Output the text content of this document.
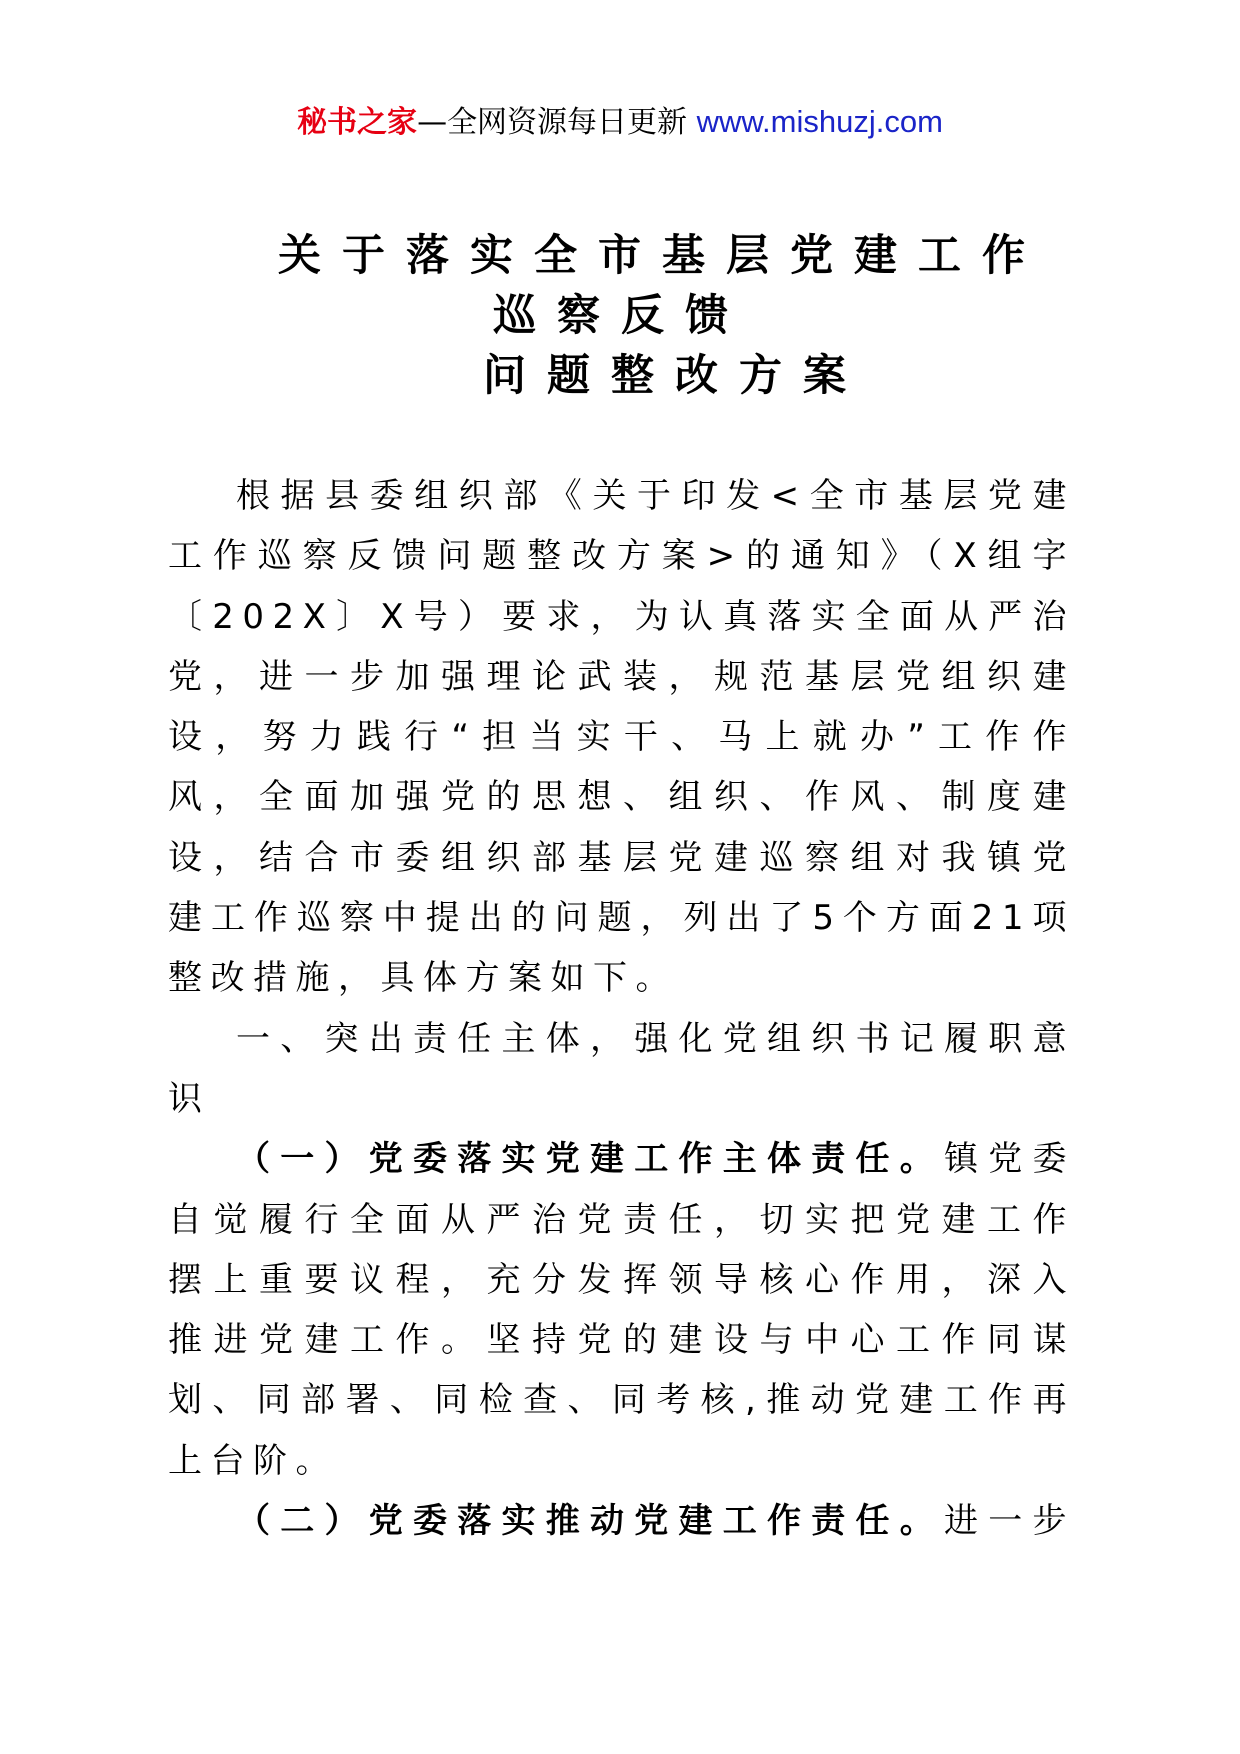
秘书之家—全网资源每日更新 www.mishuzj.com
关于落实全市基层党建工作
巡察反馈
问题整改方案
根据县委组织部《关于印发<全市基层党建
工作巡察反馈问题整改方案>的通知》（X组字
〔202X〕X号）要求，为认真落实全面从严治
党，进一步加强理论武装，规范基层党组织建
设，努力践行“担当实干、马上就办”工作作
风，全面加强党的思想、组织、作风、制度建
设，结合市委组织部基层党建巡察组对我镇党
建工作巡察中提出的问题，列出了5个方面21项
整改措施，具体方案如下。
一、突出责任主体，强化党组织书记履职意
识
（一）党委落实党建工作主体责任。镇党委
自觉履行全面从严治党责任，切实把党建工作
摆上重要议程，充分发挥领导核心作用，深入
推进党建工作。坚持党的建设与中心工作同谋
划、同部署、同检查、同考核,推动党建工作再
上台阶。
（二）党委落实推动党建工作责任。进一步
